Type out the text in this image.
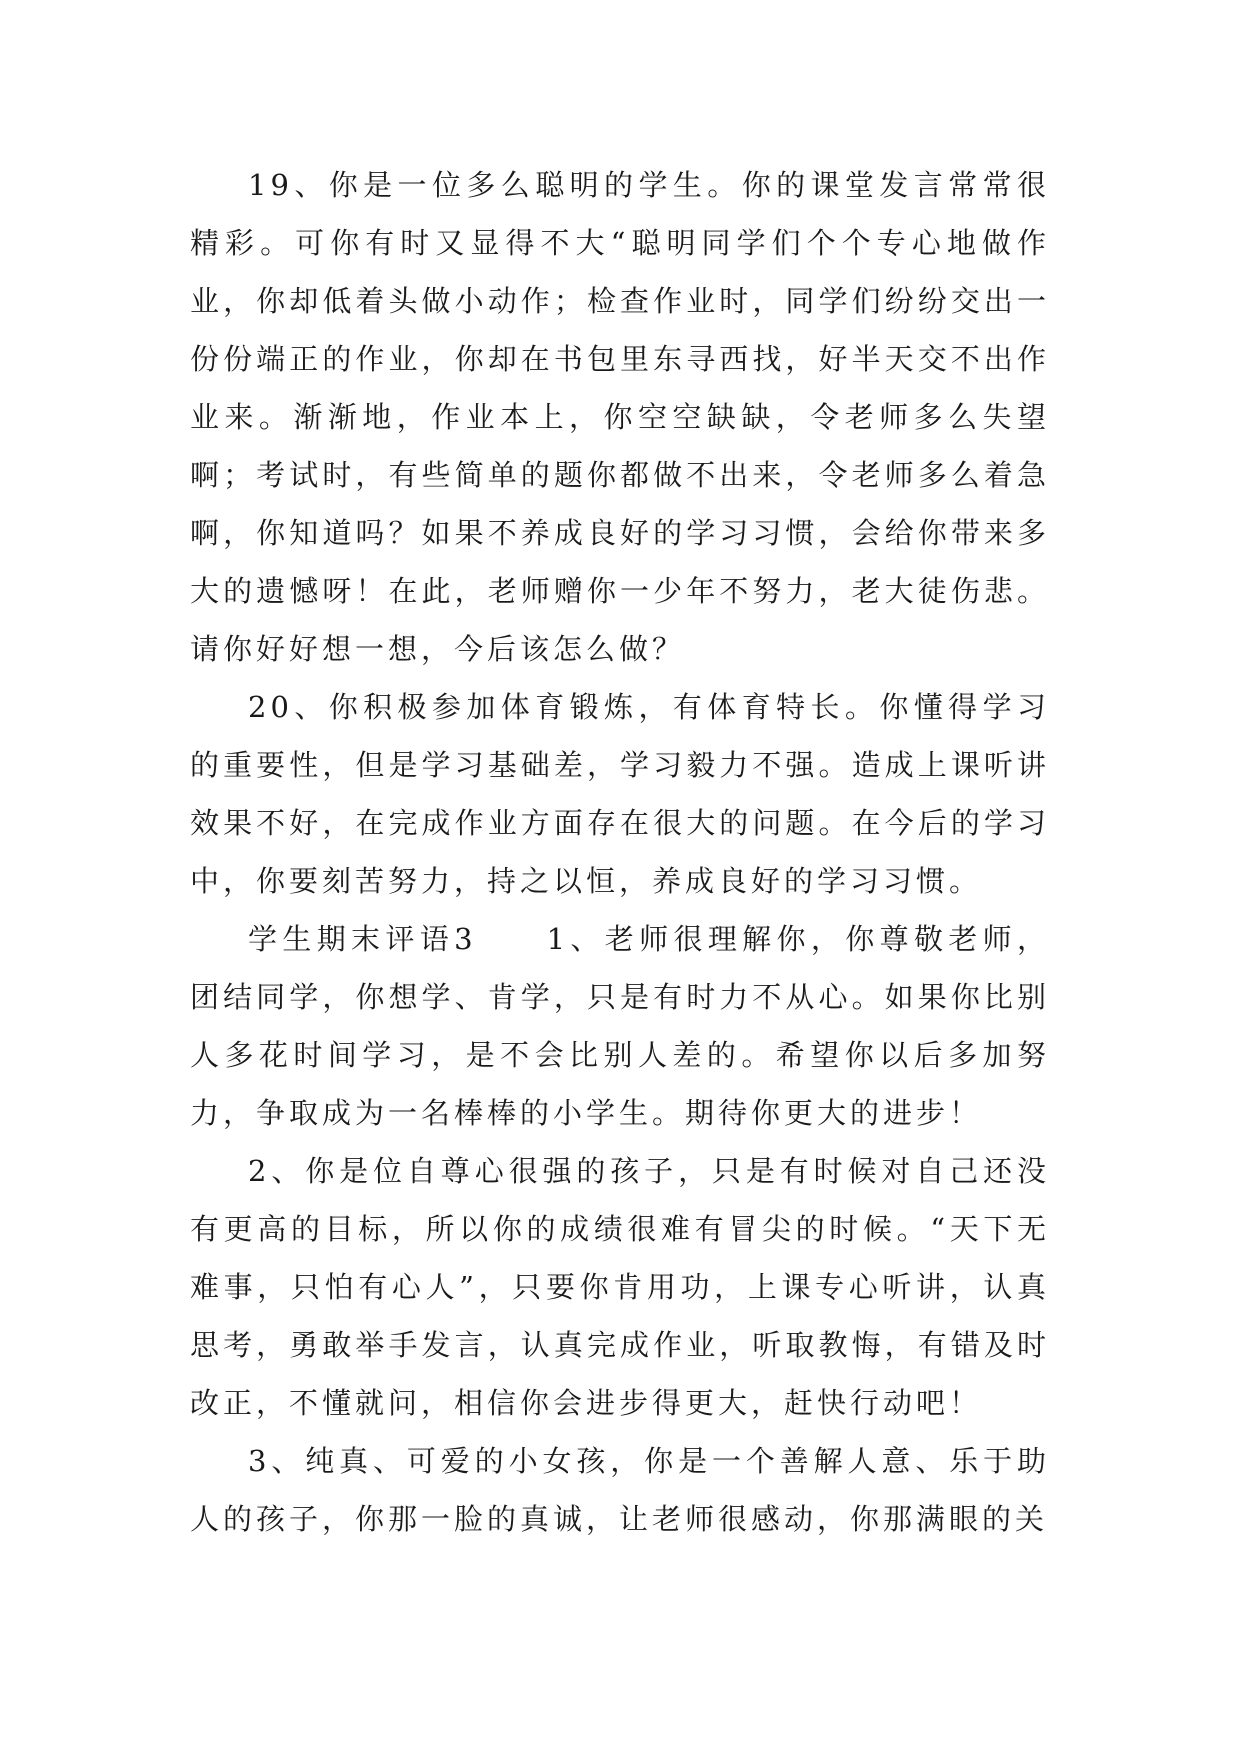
19、你是一位多么聪明的学生。你的课堂发言常常很精彩。可你有时又显得不大“聪明同学们个个专心地做作业，你却低着头做小动作；检查作业时，同学们纷纷交出一份份端正的作业，你却在书包里东寻西找，好半天交不出作业来。渐渐地，作业本上，你空空缺缺，令老师多么失望啊；考试时，有些简单的题你都做不出来，令老师多么着急啊，你知道吗？如果不养成良好的学习习惯，会给你带来多大的遗憾呀！在此，老师赠你一少年不努力，老大徒伤悲。请你好好想一想，今后该怎么做？

20、你积极参加体育锻炼，有体育特长。你懂得学习的重要性，但是学习基础差，学习毅力不强。造成上课听讲效果不好，在完成作业方面存在很大的问题。在今后的学习中，你要刻苦努力，持之以恒，养成良好的学习习惯。

学生期末评语3　　1、老师很理解你，你尊敬老师，团结同学，你想学、肯学，只是有时力不从心。如果你比别人多花时间学习，是不会比别人差的。希望你以后多加努力，争取成为一名棒棒的小学生。期待你更大的进步！

2、你是位自尊心很强的孩子，只是有时候对自己还没有更高的目标，所以你的成绩很难有冒尖的时候。“天下无难事，只怕有心人”，只要你肯用功，上课专心听讲，认真思考，勇敢举手发言，认真完成作业，听取教悔，有错及时改正，不懂就问，相信你会进步得更大，赶快行动吧！

3、纯真、可爱的小女孩，你是一个善解人意、乐于助人的孩子，你那一脸的真诚，让老师很感动，你那满眼的关
